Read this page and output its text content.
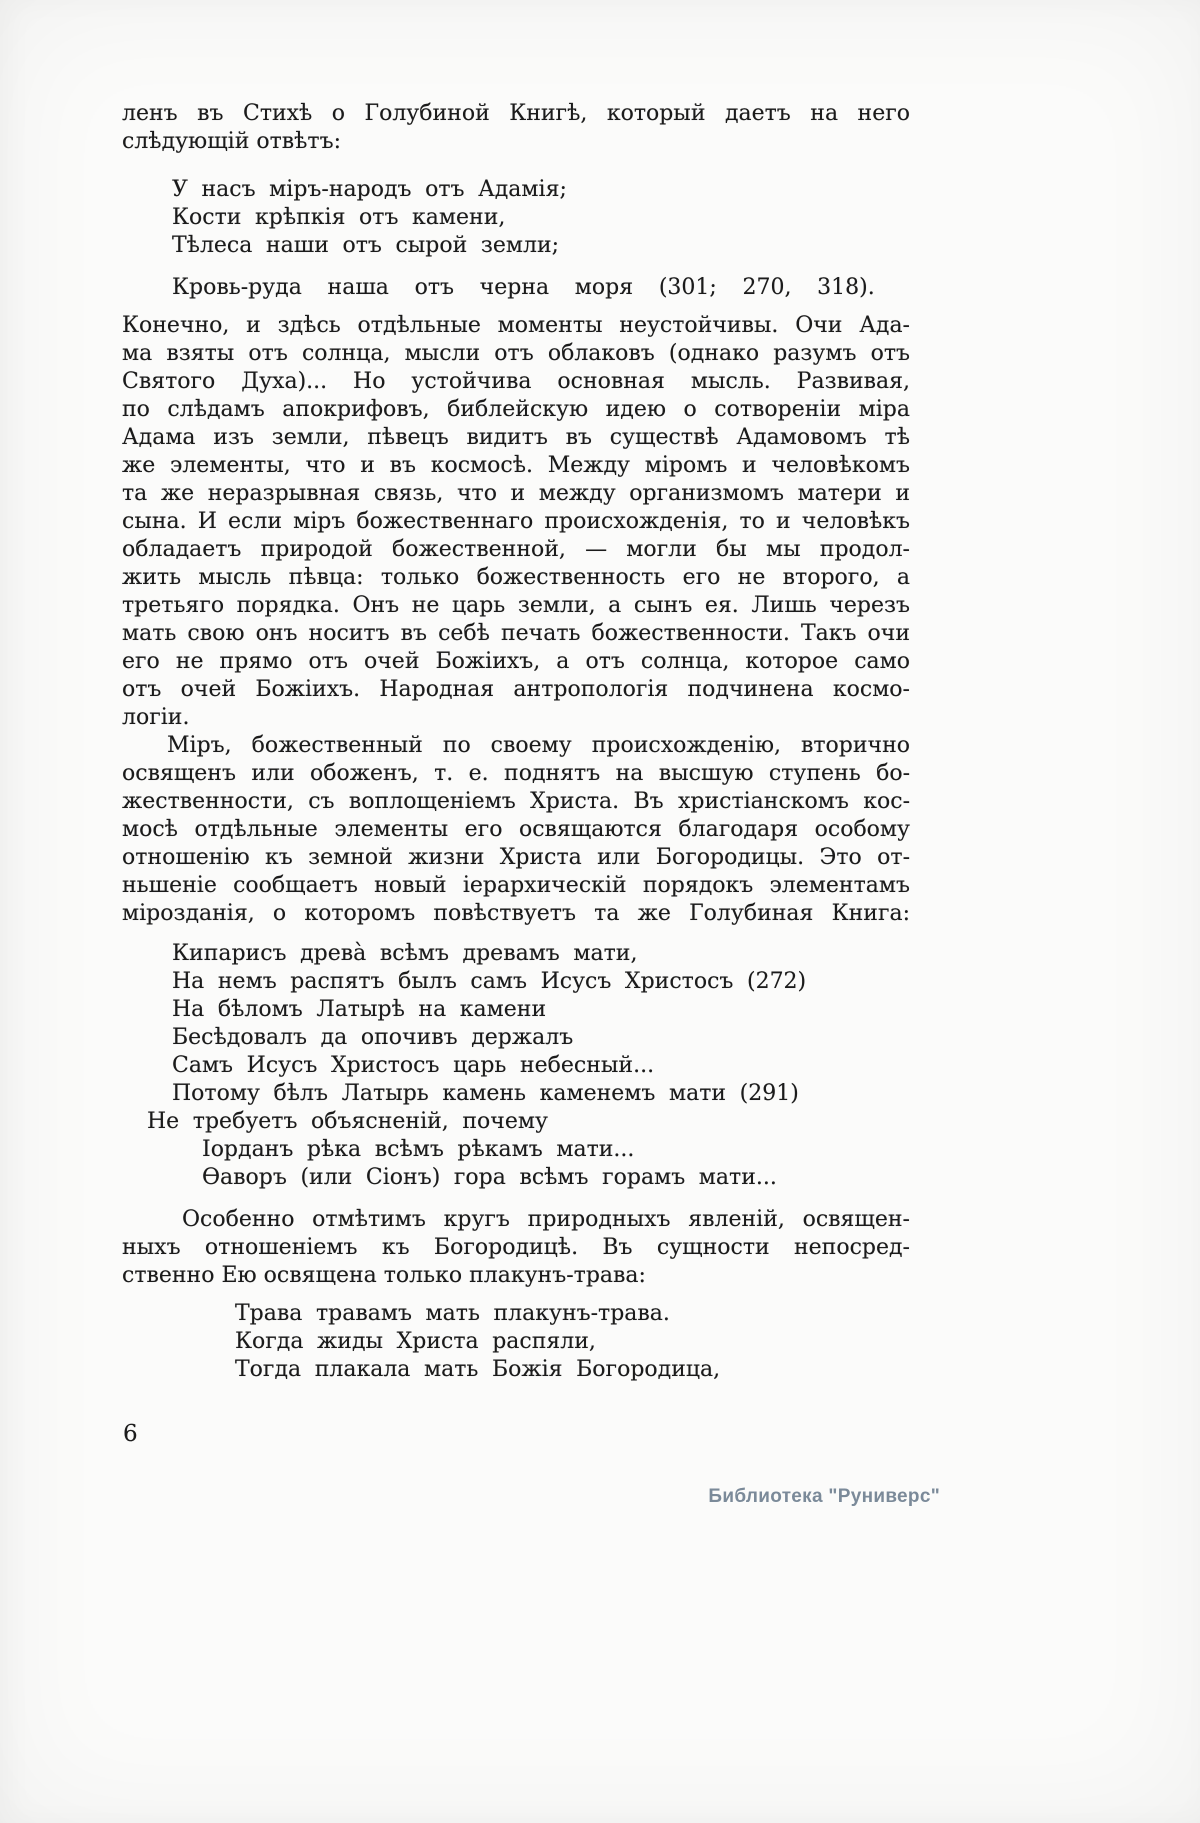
ленъ въ Стихѣ о Голубиной Книгѣ, который даетъ на него
слѣдующій отвѣтъ:
У насъ міръ-народъ отъ Адамія;
Кости крѣпкія отъ камени,
Тѣлеса наши отъ сырой земли;
Кровь-руда наша отъ черна моря (301; 270, 318).
Конечно, и здѣсь отдѣльные моменты неустойчивы. Очи Ада-
ма взяты отъ солнца, мысли отъ облаковъ (однако разумъ отъ
Святого Духа)... Но устойчива основная мысль. Развивая,
по слѣдамъ апокрифовъ, библейскую идею о сотвореніи міра
Адама изъ земли, пѣвецъ видитъ въ существѣ Адамовомъ тѣ
же элементы, что и въ космосѣ. Между міромъ и человѣкомъ
та же неразрывная связь, что и между организмомъ матери и
сына. И если міръ божественнаго происхожденія, то и человѣкъ
обладаетъ природой божественной, — могли бы мы продол-
жить мысль пѣвца: только божественность его не второго, а
третьяго порядка. Онъ не царь земли, а сынъ ея. Лишь черезъ
мать свою онъ носитъ въ себѣ печать божественности. Такъ очи
его не прямо отъ очей Божіихъ, а отъ солнца, которое само
отъ очей Божіихъ. Народная антропологія подчинена космо-
логіи.
Міръ, божественный по своему происхожденію, вторично
освященъ или обоженъ, т. е. поднятъ на высшую ступень бо-
жественности, съ воплощеніемъ Христа. Въ христіанскомъ кос-
мосѣ отдѣльные элементы его освящаются благодаря особому
отношенію къ земной жизни Христа или Богородицы. Это от-
ньшеніе сообщаетъ новый іерархическій порядокъ элементамъ
мірозданія, о которомъ повѣствуетъ та же Голубиная Книга:
Кипарисъ древа̀ всѣмъ древамъ мати,
На немъ распятъ былъ самъ Исусъ Христосъ (272)
На бѣломъ Латырѣ на камени
Бесѣдовалъ да опочивъ держалъ
Самъ Исусъ Христосъ царь небесный...
Потому бѣлъ Латырь камень каменемъ мати (291)
Не требуетъ объясненій, почему
Іорданъ рѣка всѣмъ рѣкамъ мати...
Ѳаворъ (или Сіонъ) гора всѣмъ горамъ мати...
Особенно отмѣтимъ кругъ природныхъ явленій, освящен-
ныхъ отношеніемъ къ Богородицѣ. Въ сущности непосред-
ственно Ею освящена только плакунъ-трава:
Трава травамъ мать плакунъ-трава.
Когда жиды Христа распяли,
Тогда плакала мать Божія Богородица,
6
Библиотека "Руниверс"
